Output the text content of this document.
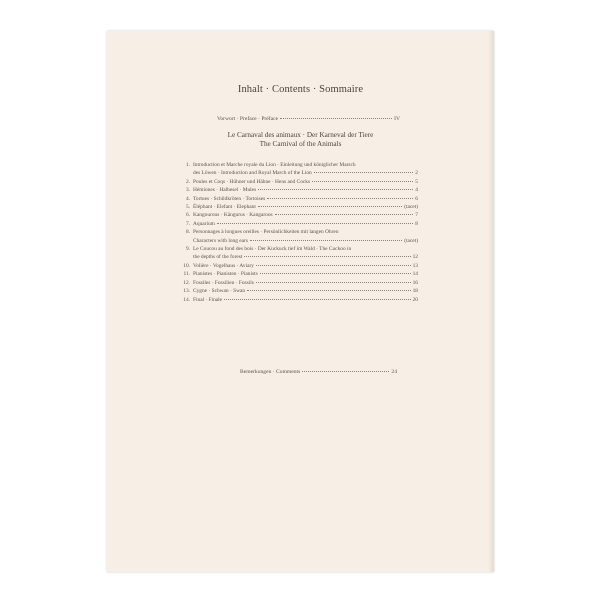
Inhalt · Contents · Sommaire
Vorwort · Preface · Préface	IV
Le Carnaval des animaux · Der Karneval der Tiere
The Carnival of the Animals
1. Introduction et Marche royale du Lion · Einleitung und königlicher Marsch
des Löwen · Introduction and Royal March of the Lion	2
2. Poules et Coqs · Hühner und Hähne · Hens and Cocks	5
3. Hémiones · Halbesel · Mules	4
4. Tortues · Schildkröten · Tortoises	6
5. Éléphant · Elefant · Elephant	(tacet)
6. Kangourous · Kängurus · Kangaroos	7
7. Aquarium	8
8. Personnages à longues oreilles · Persönlichkeiten mit langen Ohren
Characters with long ears	(tacet)
9. Le Coucou au fond des bois · Der Kuckuck tief im Wald · The Cuckoo in
the depths of the forest	12
10. Volière · Vogelhaus · Aviary	13
11. Pianistes · Pianisten · Pianists	14
12. Fossiles · Fossilien · Fossils	16
13. Cygne · Schwan · Swan	18
14. Final · Finale	20
Bemerkungen · Comments	24
